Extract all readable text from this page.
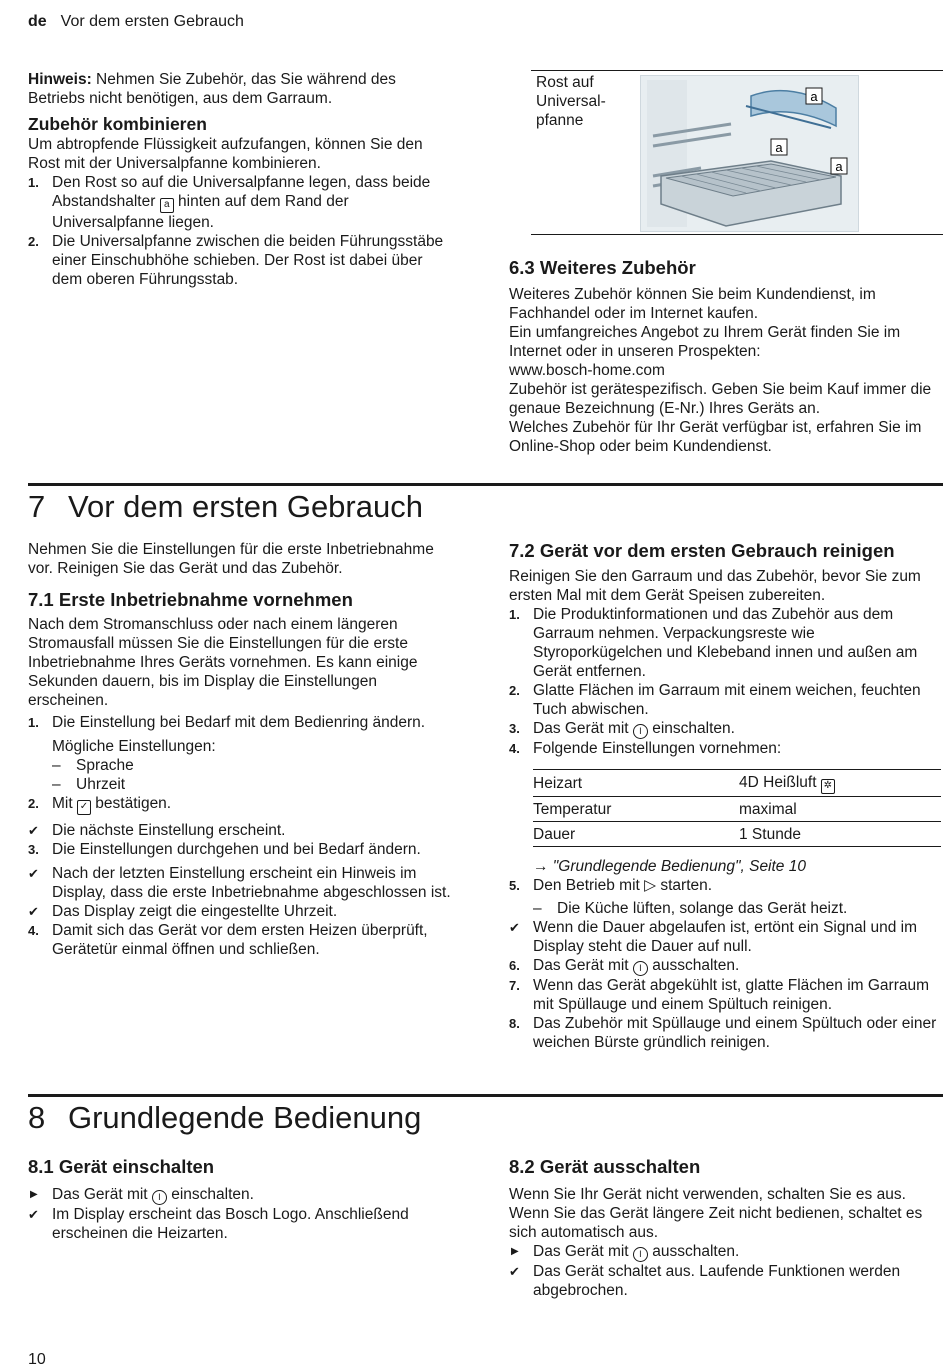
de Vor dem ersten Gebrauch

Hinweis: Nehmen Sie Zubehör, das Sie während des Betriebs nicht benötigen, aus dem Garraum.

Zubehör kombinieren

Um abtropfende Flüssigkeit aufzufangen, können Sie den Rost mit der Universalpfanne kombinieren.

1. Den Rost so auf die Universalpfanne legen, dass beide Abstandshalter a hinten auf dem Rand der Universalpfanne liegen.
2. Die Universalpfanne zwischen die beiden Führungsstäbe einer Einschubhöhe schieben. Der Rost ist dabei über dem oberen Führungsstab.
Rost auf Universal-pfanne
a
a
a

6.3 Weiteres Zubehör

Weiteres Zubehör können Sie beim Kundendienst, im Fachhandel oder im Internet kaufen.

Ein umfangreiches Angebot zu Ihrem Gerät finden Sie im Internet oder in unseren Prospekten:

www.bosch-home.com

Zubehör ist gerätespezifisch. Geben Sie beim Kauf immer die genaue Bezeichnung (E-Nr.) Ihres Geräts an.

Welches Zubehör für Ihr Gerät verfügbar ist, erfahren Sie im Online-Shop oder beim Kundendienst.

7 Vor dem ersten Gebrauch

Nehmen Sie die Einstellungen für die erste Inbetriebnahme vor. Reinigen Sie das Gerät und das Zubehör.

7.1 Erste Inbetriebnahme vornehmen

Nach dem Stromanschluss oder nach einem längeren Stromausfall müssen Sie die Einstellungen für die erste Inbetriebnahme Ihres Geräts vornehmen. Es kann einige Sekunden dauern, bis im Display die Einstellungen erscheinen.

1. Die Einstellung bei Bedarf mit dem Bedienring ändern.

Mögliche Einstellungen:

– Sprache
– Uhrzeit
2. Mit ✓ bestätigen.
✔ Die nächste Einstellung erscheint.
3. Die Einstellungen durchgehen und bei Bedarf ändern.
✔ Nach der letzten Einstellung erscheint ein Hinweis im Display, dass die erste Inbetriebnahme abgeschlossen ist.
✔ Das Display zeigt die eingestellte Uhrzeit.
4. Damit sich das Gerät vor dem ersten Heizen überprüft, Gerätetür einmal öffnen und schließen.

7.2 Gerät vor dem ersten Gebrauch reinigen

Reinigen Sie den Garraum und das Zubehör, bevor Sie zum ersten Mal mit dem Gerät Speisen zubereiten.

1. Die Produktinformationen und das Zubehör aus dem Garraum nehmen. Verpackungsreste wie Styroporkügelchen und Klebeband innen und außen am Gerät entfernen.
2. Glatte Flächen im Garraum mit einem weichen, feuchten Tuch abwischen.
3. Das Gerät mit I einschalten.
4. Folgende Einstellungen vornehmen:
Heizart	4D Heißluft ✲
Temperatur	maximal
Dauer	1 Stunde

→ "Grundlegende Bedienung", Seite 10

5. Den Betrieb mit ▷ starten.
– Die Küche lüften, solange das Gerät heizt.
✔ Wenn die Dauer abgelaufen ist, ertönt ein Signal und im Display steht die Dauer auf null.
6. Das Gerät mit I ausschalten.
7. Wenn das Gerät abgekühlt ist, glatte Flächen im Garraum mit Spüllauge und einem Spültuch reinigen.
8. Das Zubehör mit Spüllauge und einem Spültuch oder einer weichen Bürste gründlich reinigen.
8 Grundlegende Bedienung

8.1 Gerät einschalten

▶ Das Gerät mit I einschalten.
✔ Im Display erscheint das Bosch Logo. Anschließend erscheinen die Heizarten.

8.2 Gerät ausschalten

Wenn Sie Ihr Gerät nicht verwenden, schalten Sie es aus. Wenn Sie das Gerät längere Zeit nicht bedienen, schaltet es sich automatisch aus.

▶ Das Gerät mit I ausschalten.
✔ Das Gerät schaltet aus. Laufende Funktionen werden abgebrochen.
10
